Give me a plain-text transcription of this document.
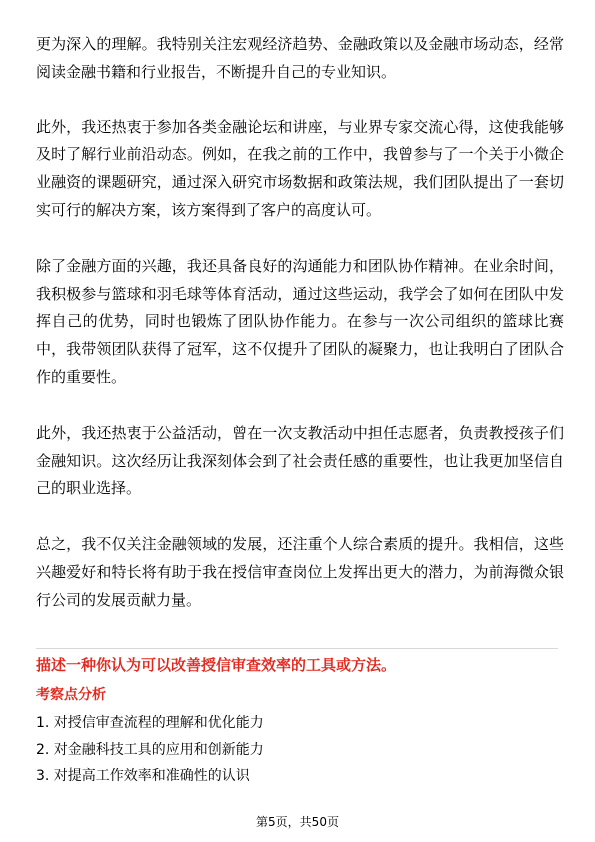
更为深入的理解。我特别关注宏观经济趋势、金融政策以及金融市场动态，经常阅读金融书籍和行业报告，不断提升自己的专业知识。

此外，我还热衷于参加各类金融论坛和讲座，与业界专家交流心得，这使我能够及时了解行业前沿动态。例如，在我之前的工作中，我曾参与了一个关于小微企业融资的课题研究，通过深入研究市场数据和政策法规，我们团队提出了一套切实可行的解决方案，该方案得到了客户的高度认可。

除了金融方面的兴趣，我还具备良好的沟通能力和团队协作精神。在业余时间，我积极参与篮球和羽毛球等体育活动，通过这些运动，我学会了如何在团队中发挥自己的优势，同时也锻炼了团队协作能力。在参与一次公司组织的篮球比赛中，我带领团队获得了冠军，这不仅提升了团队的凝聚力，也让我明白了团队合作的重要性。

此外，我还热衷于公益活动，曾在一次支教活动中担任志愿者，负责教授孩子们金融知识。这次经历让我深刻体会到了社会责任感的重要性，也让我更加坚信自己的职业选择。

总之，我不仅关注金融领域的发展，还注重个人综合素质的提升。我相信，这些兴趣爱好和特长将有助于我在授信审查岗位上发挥出更大的潜力，为前海微众银行公司的发展贡献力量。

描述一种你认为可以改善授信审查效率的工具或方法。
考察点分析
1. 对授信审查流程的理解和优化能力
2. 对金融科技工具的应用和创新能力
3. 对提高工作效率和准确性的认识
第5页，共50页
